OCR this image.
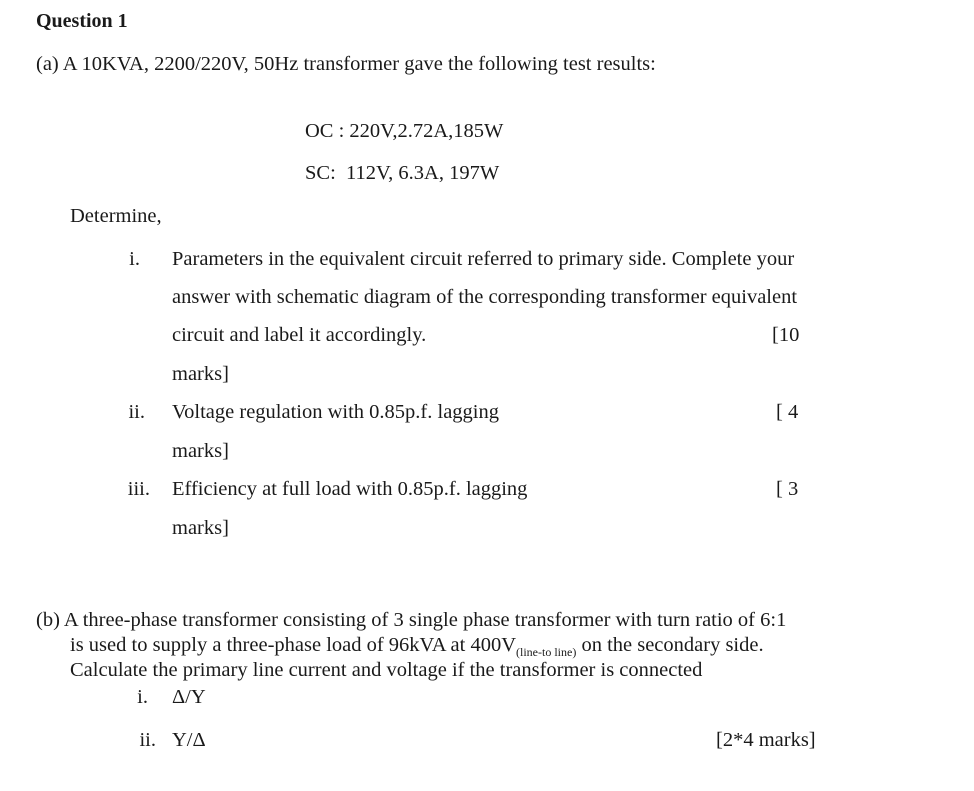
Question 1
(a) A 10KVA, 2200/220V, 50Hz transformer gave the following test results:
OC : 220V,2.72A,185W
SC:  112V, 6.3A, 197W
Determine,
i. Parameters in the equivalent circuit referred to primary side. Complete your
answer with schematic diagram of the corresponding transformer equivalent
circuit and label it accordingly.	[10
marks]
ii. Voltage regulation with 0.85p.f. lagging	[ 4
marks]
iii. Efficiency at full load with 0.85p.f. lagging	[ 3
marks]
(b) A three-phase transformer consisting of 3 single phase transformer with turn ratio of 6:1
is used to supply a three-phase load of 96kVA at $400V_{(line-to line)}$ on the secondary side.
Calculate the primary line current and voltage if the transformer is connected
i. Δ/Y
ii. Y/Δ	[2*4 marks]
